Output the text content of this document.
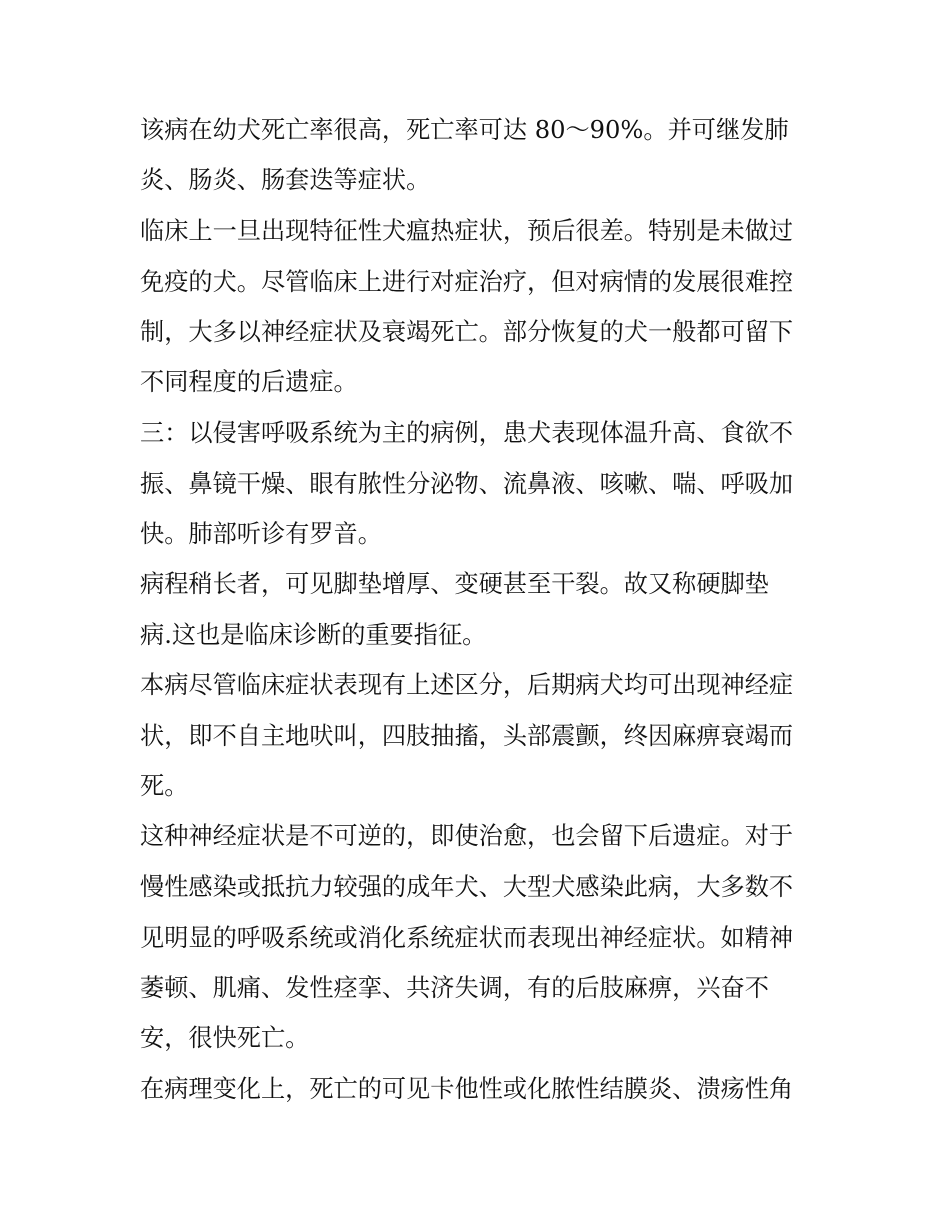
该病在幼犬死亡率很高，死亡率可达 80～90%。并可继发肺
炎、肠炎、肠套迭等症状。
临床上一旦出现特征性犬瘟热症状，预后很差。特别是未做过
免疫的犬。尽管临床上进行对症治疗，但对病情的发展很难控
制，大多以神经症状及衰竭死亡。部分恢复的犬一般都可留下
不同程度的后遗症。
三：以侵害呼吸系统为主的病例，患犬表现体温升高、食欲不
振、鼻镜干燥、眼有脓性分泌物、流鼻液、咳嗽、喘、呼吸加
快。肺部听诊有罗音。
病程稍长者，可见脚垫增厚、变硬甚至干裂。故又称硬脚垫
病.这也是临床诊断的重要指征。
本病尽管临床症状表现有上述区分，后期病犬均可出现神经症
状，即不自主地吠叫，四肢抽搐，头部震颤，终因麻痹衰竭而
死。
这种神经症状是不可逆的，即使治愈，也会留下后遗症。对于
慢性感染或抵抗力较强的成年犬、大型犬感染此病，大多数不
见明显的呼吸系统或消化系统症状而表现出神经症状。如精神
萎顿、肌痛、发性痉挛、共济失调，有的后肢麻痹，兴奋不
安，很快死亡。
在病理变化上，死亡的可见卡他性或化脓性结膜炎、溃疡性角
